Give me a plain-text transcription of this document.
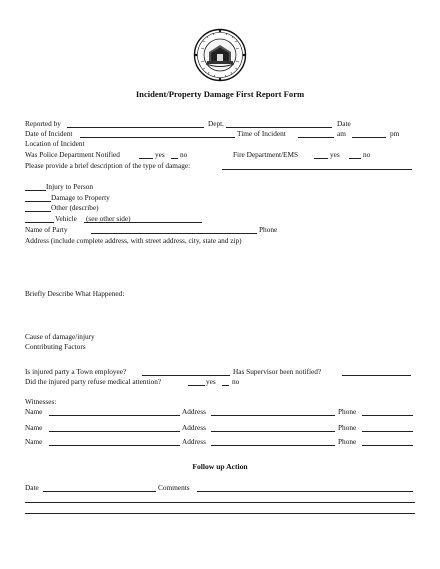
Incident/Property Damage First Report Form
Reported by	Dept.	Date
Date of Incident	Time of Incident	am	pm
Location of Incident
Was Police Department Notified	yes no	Fire Department/EMS	yes	no
Please provide a brief description of the type of damage:
Injury to Person
Damage to Property
Other (describe)
Vehicle (see other side)
Name of Party	Phone
Address (include complete address, with street address, city, state and zip)
Briefly Describe What Happened:
Cause of damage/injury
Contributing Factors
Is injured party a Town employee?	Has Supervisor been notified?
Did the injured party refuse medical attention?	yes no
Witnesses:
Name	Address	Phone
Name	Address	Phone
Name	Address	Phone
Follow up Action
Date	Comments
